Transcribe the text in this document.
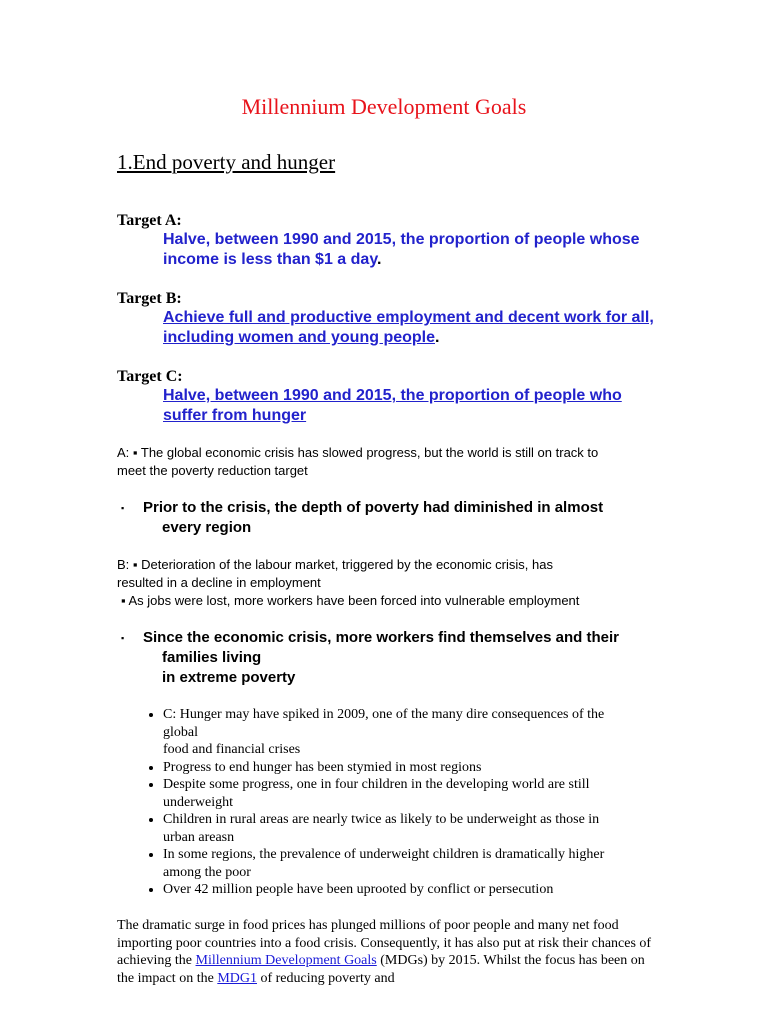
Millennium Development Goals
1.End poverty and hunger
Target A:
Halve, between 1990 and 2015, the proportion of people whose
income is less than $1 a day.
Target B:
Achieve full and productive employment and decent work for all,
including women and young people.
Target C:
Halve, between 1990 and 2015, the proportion of people who
suffer from hunger
A: ▪ The global economic crisis has slowed progress, but the world is still on track to
meet the poverty reduction target
▪ Prior to the crisis, the depth of poverty had diminished in almost
every region
B: ▪ Deterioration of the labour market, triggered by the economic crisis, has
resulted in a decline in employment
▪ As jobs were lost, more workers have been forced into vulnerable employment
▪ Since the economic crisis, more workers find themselves and their
families living
in extreme poverty
• C: Hunger may have spiked in 2009, one of the many dire consequences of the
global
food and financial crises
• Progress to end hunger has been stymied in most regions
• Despite some progress, one in four children in the developing world are still
underweight
• Children in rural areas are nearly twice as likely to be underweight as those in
urban areasn
• In some regions, the prevalence of underweight children is dramatically higher
among the poor
• Over 42 million people have been uprooted by conflict or persecution
The dramatic surge in food prices has plunged millions of poor people and many net food importing poor countries into a food crisis. Consequently, it has also put at risk their chances of achieving the Millennium Development Goals (MDGs) by 2015. Whilst the focus has been on the impact on the MDG1 of reducing poverty and
